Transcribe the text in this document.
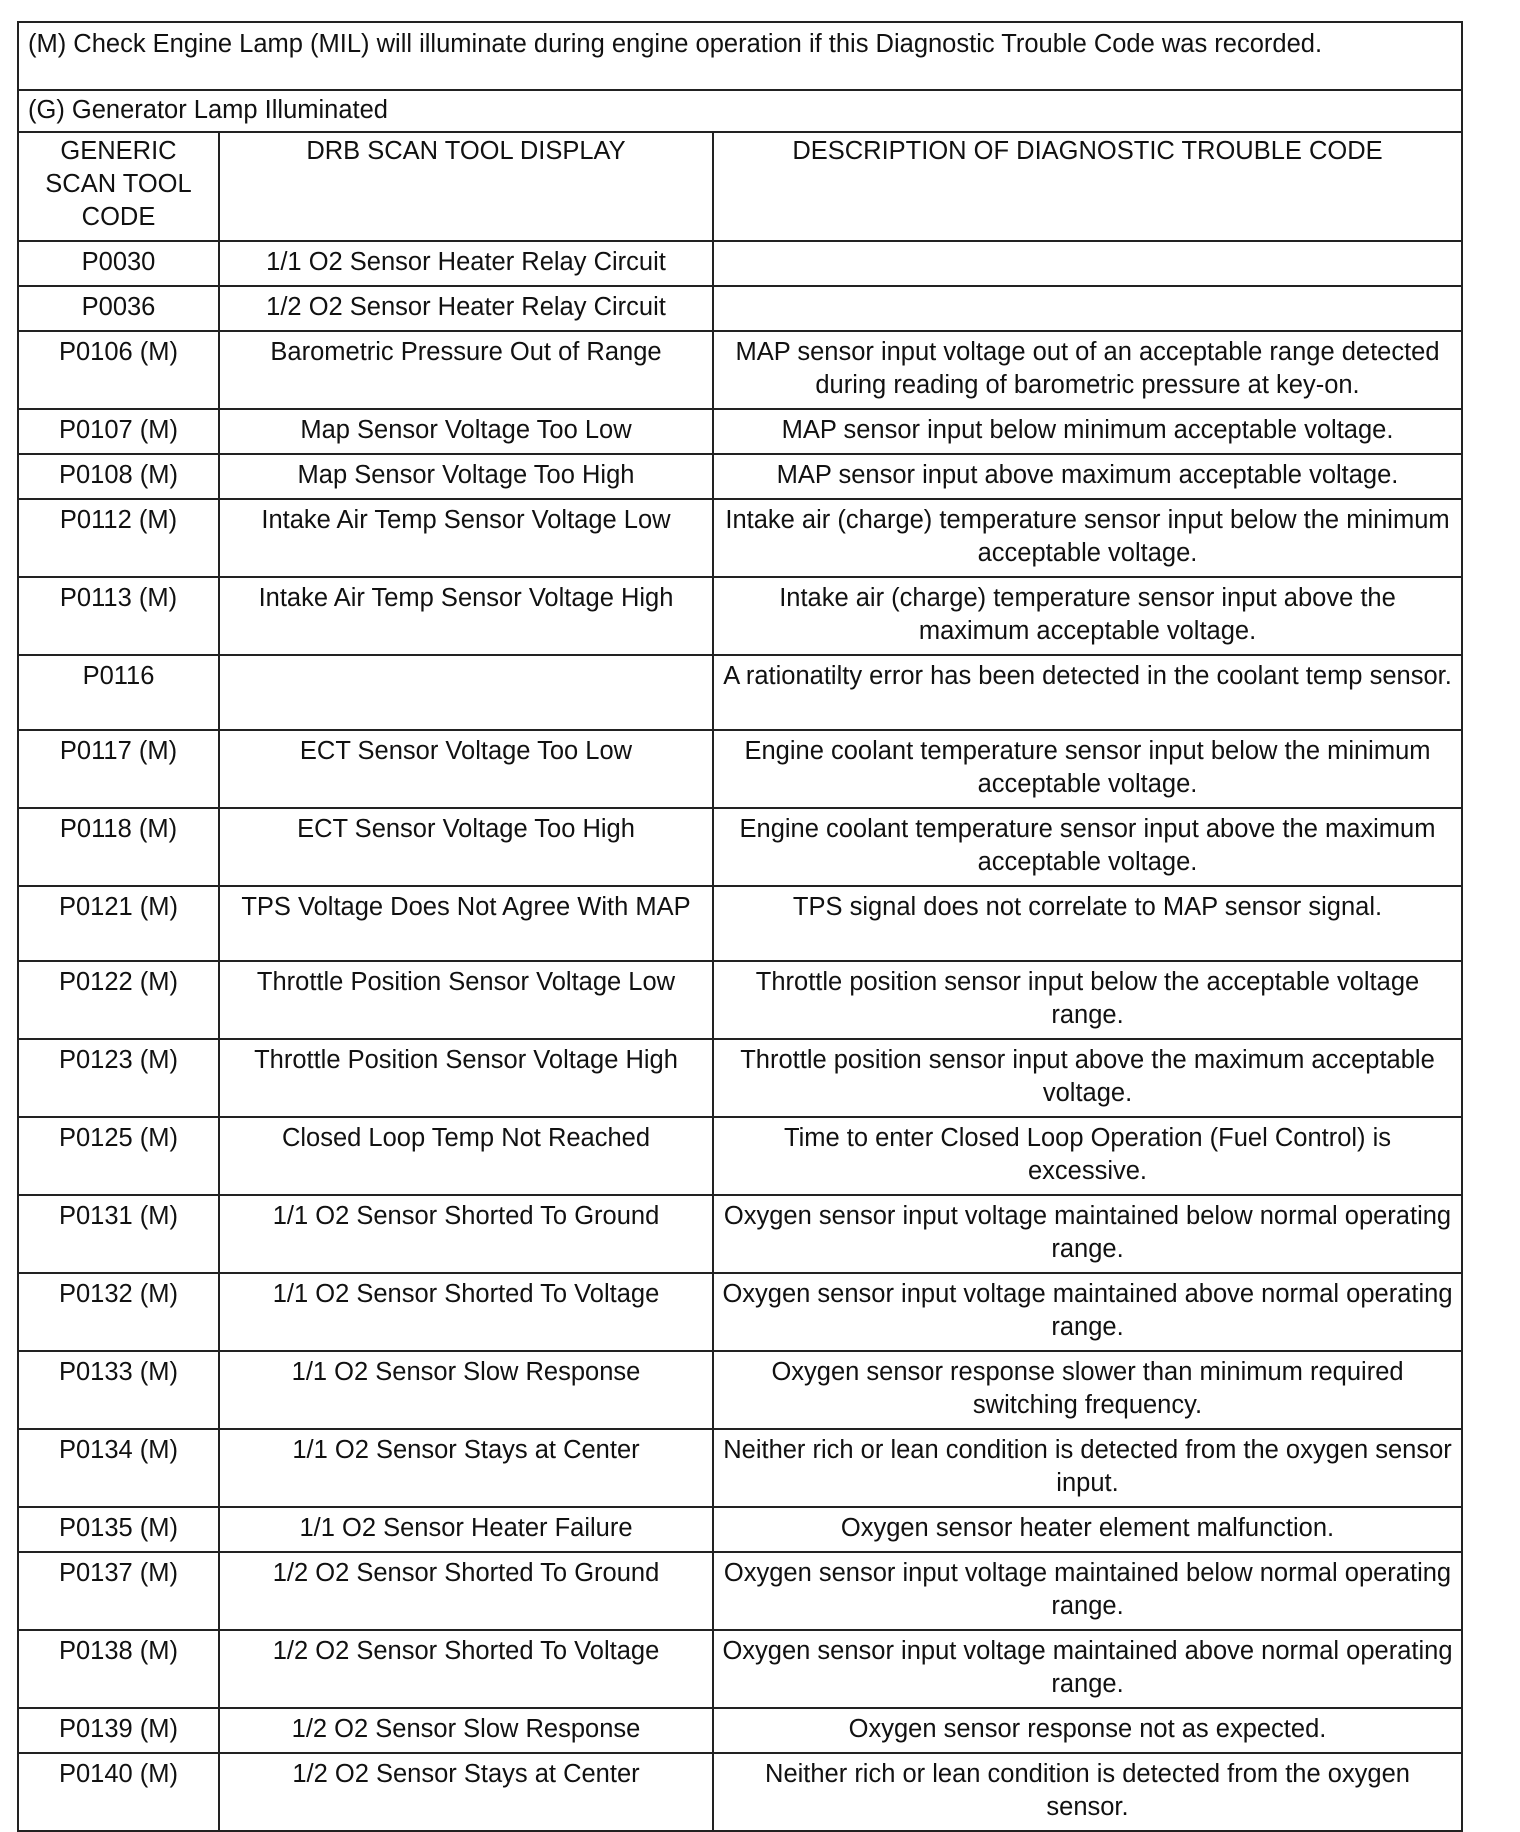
(M) Check Engine Lamp (MIL) will illuminate during engine operation if this Diagnostic Trouble Code was recorded.
(G) Generator Lamp Illuminated
GENERIC SCAN TOOL CODE	DRB SCAN TOOL DISPLAY	DESCRIPTION OF DIAGNOSTIC TROUBLE CODE
P0030	1/1 O2 Sensor Heater Relay Circuit	
P0036	1/2 O2 Sensor Heater Relay Circuit	
P0106 (M)	Barometric Pressure Out of Range	MAP sensor input voltage out of an acceptable range detected during reading of barometric pressure at key-on.
P0107 (M)	Map Sensor Voltage Too Low	MAP sensor input below minimum acceptable voltage.
P0108 (M)	Map Sensor Voltage Too High	MAP sensor input above maximum acceptable voltage.
P0112 (M)	Intake Air Temp Sensor Voltage Low	Intake air (charge) temperature sensor input below the minimum acceptable voltage.
P0113 (M)	Intake Air Temp Sensor Voltage High	Intake air (charge) temperature sensor input above the maximum acceptable voltage.
P0116		A rationatilty error has been detected in the coolant temp sensor.
P0117 (M)	ECT Sensor Voltage Too Low	Engine coolant temperature sensor input below the minimum acceptable voltage.
P0118 (M)	ECT Sensor Voltage Too High	Engine coolant temperature sensor input above the maximum acceptable voltage.
P0121 (M)	TPS Voltage Does Not Agree With MAP	TPS signal does not correlate to MAP sensor signal.
P0122 (M)	Throttle Position Sensor Voltage Low	Throttle position sensor input below the acceptable voltage range.
P0123 (M)	Throttle Position Sensor Voltage High	Throttle position sensor input above the maximum acceptable voltage.
P0125 (M)	Closed Loop Temp Not Reached	Time to enter Closed Loop Operation (Fuel Control) is excessive.
P0131 (M)	1/1 O2 Sensor Shorted To Ground	Oxygen sensor input voltage maintained below normal operating range.
P0132 (M)	1/1 O2 Sensor Shorted To Voltage	Oxygen sensor input voltage maintained above normal operating range.
P0133 (M)	1/1 O2 Sensor Slow Response	Oxygen sensor response slower than minimum required switching frequency.
P0134 (M)	1/1 O2 Sensor Stays at Center	Neither rich or lean condition is detected from the oxygen sensor input.
P0135 (M)	1/1 O2 Sensor Heater Failure	Oxygen sensor heater element malfunction.
P0137 (M)	1/2 O2 Sensor Shorted To Ground	Oxygen sensor input voltage maintained below normal operating range.
P0138 (M)	1/2 O2 Sensor Shorted To Voltage	Oxygen sensor input voltage maintained above normal operating range.
P0139 (M)	1/2 O2 Sensor Slow Response	Oxygen sensor response not as expected.
P0140 (M)	1/2 O2 Sensor Stays at Center	Neither rich or lean condition is detected from the oxygen sensor.
